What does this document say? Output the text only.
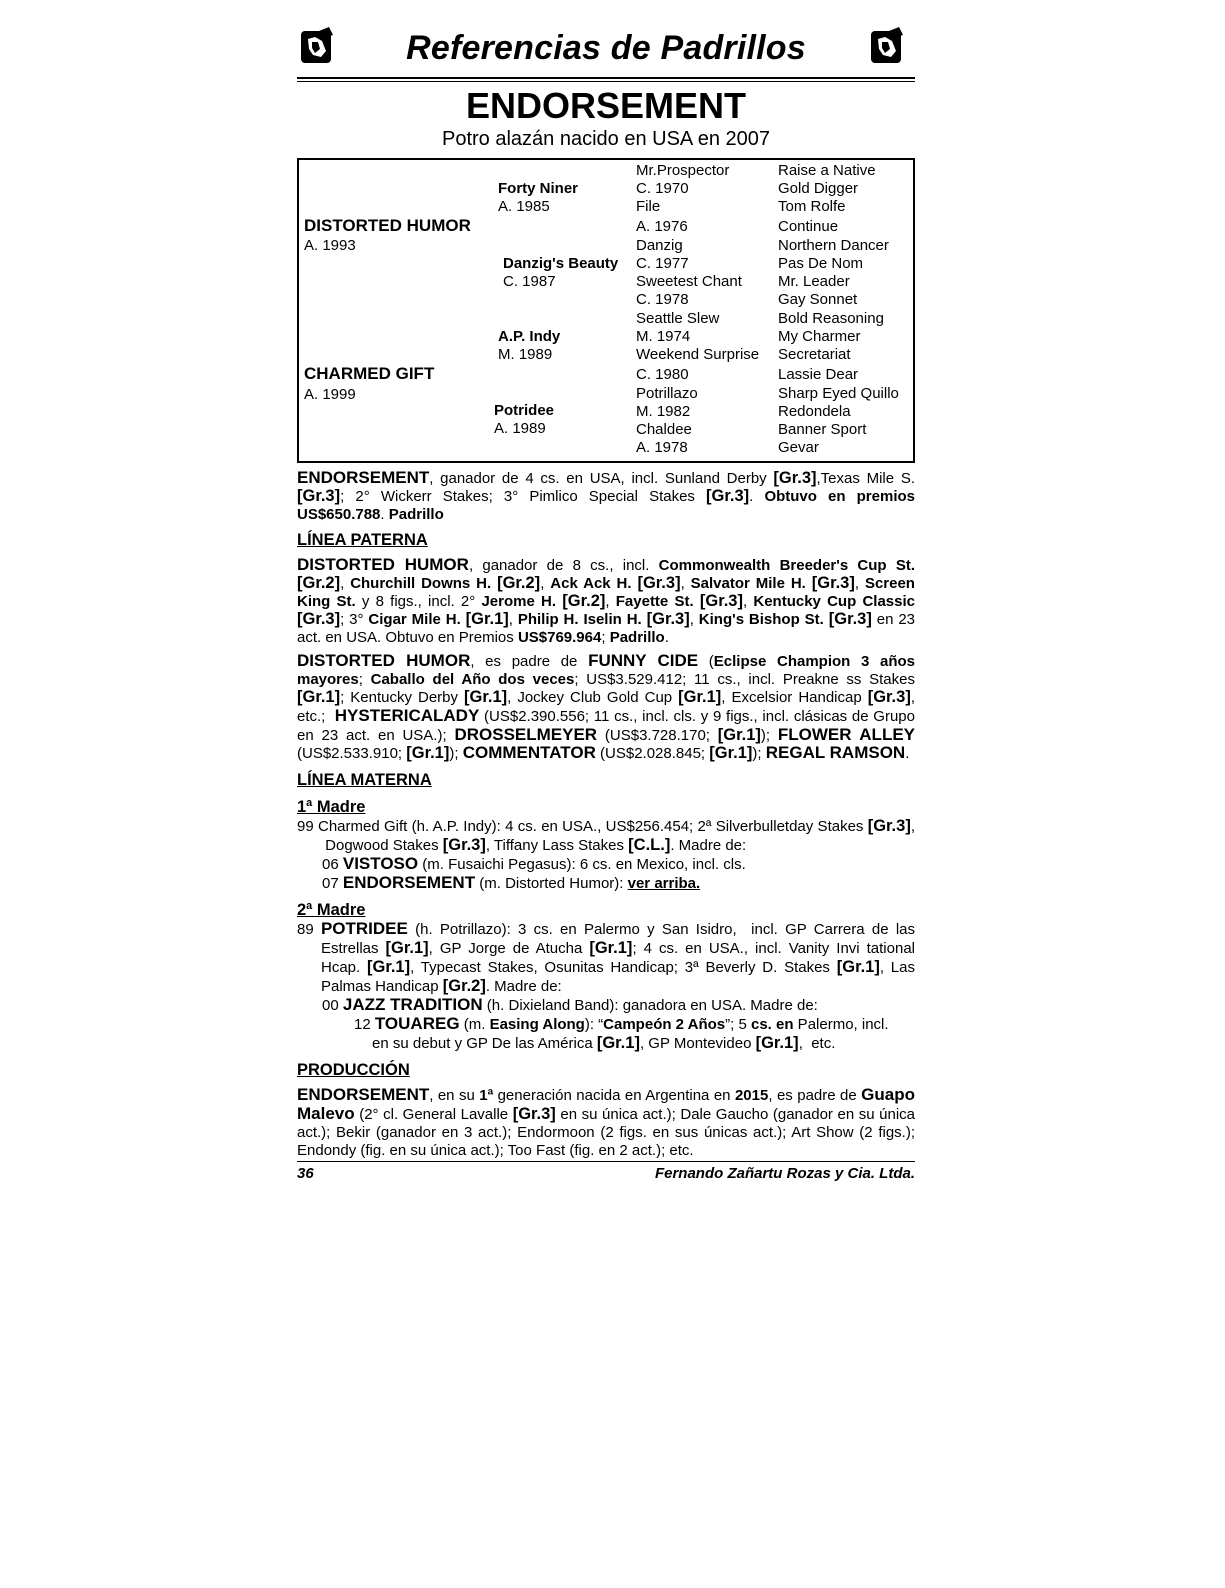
Referencias de Padrillos
ENDORSEMENT
Potro alazán nacido en USA en 2007
DISTORTED HUMOR
A. 1993
CHARMED GIFT
A. 1999
Forty Niner
A. 1985
Danzig's Beauty
C. 1987
A.P. Indy
M. 1989
Potridee
A. 1989
Mr.Prospector
C. 1970
File
A. 1976
Danzig
C. 1977
Sweetest Chant
C. 1978
Seattle Slew
M. 1974
Weekend Surprise
C. 1980
Potrillazo
M. 1982
Chaldee
A. 1978
Raise a Native
Gold Digger
Tom Rolfe
Continue
Northern Dancer
Pas De Nom
Mr. Leader
Gay Sonnet
Bold Reasoning
My Charmer
Secretariat
Lassie Dear
Sharp Eyed Quillo
Redondela
Banner Sport
Gevar
ENDORSEMENT, ganador de 4 cs. en USA, incl. Sunland Derby [Gr.3],Texas Mile S. [Gr.3]; 2° Wickerr Stakes; 3° Pimlico Special Stakes [Gr.3]. Obtuvo en premios US$650.788. Padrillo
LÍNEA PATERNA
DISTORTED HUMOR, ganador de 8 cs., incl. Commonwealth Breeder's Cup St. [Gr.2], Churchill Downs H. [Gr.2], Ack Ack H. [Gr.3], Salvator Mile H. [Gr.3], Screen King St. y 8 figs., incl. 2° Jerome H. [Gr.2], Fayette St. [Gr.3], Kentucky Cup Classic [Gr.3]; 3° Cigar Mile H. [Gr.1], Philip H. Iselin H. [Gr.3], King's Bishop St. [Gr.3] en 23 act. en USA. Obtuvo en Premios US$769.964; Padrillo.
DISTORTED HUMOR, es padre de FUNNY CIDE (Eclipse Champion 3 años mayores; Caballo del Año dos veces; US$3.529.412; 11 cs., incl. Preakne ss Stakes [Gr.1]; Kentucky Derby [Gr.1], Jockey Club Gold Cup [Gr.1], Excelsior Handicap [Gr.3], etc.;  HYSTERICALADY (US$2.390.556; 11 cs., incl. cls. y 9 figs., incl. clásicas de Grupo en 23 act. en USA.); DROSSELMEYER (US$3.728.170; [Gr.1]); FLOWER ALLEY (US$2.533.910; [Gr.1]); COMMENTATOR (US$2.028.845; [Gr.1]); REGAL RAMSON.
LÍNEA MATERNA
1ª Madre

99 Charmed Gift (h. A.P. Indy): 4 cs. en USA., US$256.454; 2ª Silverbulletday Stakes [Gr.3],  Dogwood Stakes [Gr.3], Tiffany Lass Stakes [C.L.]. Madre de:

06 VISTOSO (m. Fusaichi Pegasus): 6 cs. en Mexico, incl. cls.

07 ENDORSEMENT (m. Distorted Humor): ver arriba.

2ª Madre

89 POTRIDEE (h. Potrillazo): 3 cs. en Palermo y San Isidro,  incl. GP Carrera de las Estrellas [Gr.1], GP Jorge de Atucha [Gr.1]; 4 cs. en USA., incl. Vanity Invi tational Hcap. [Gr.1], Typecast Stakes, Osunitas Handicap; 3ª Beverly D. Stakes [Gr.1], Las Palmas Handicap [Gr.2]. Madre de:

00 JAZZ TRADITION (h. Dixieland Band): ganadora en USA. Madre de:

12 TOUAREG (m. Easing Along): “Campeón 2 Años”; 5 cs. en Palermo, incl.

en su debut y GP De las América [Gr.1], GP Montevideo [Gr.1],  etc.

PRODUCCIÓN
ENDORSEMENT, en su 1ª generación nacida en Argentina en 2015, es padre de Guapo Malevo (2° cl. General Lavalle [Gr.3] en su única act.); Dale Gaucho (ganador en su única act.); Bekir (ganador en 3 act.); Endormoon (2 figs. en sus únicas act.); Art Show (2 figs.); Endondy (fig. en su única act.); Too Fast (fig. en 2 act.); etc.
36	Fernando Zañartu Rozas y Cia. Ltda.
